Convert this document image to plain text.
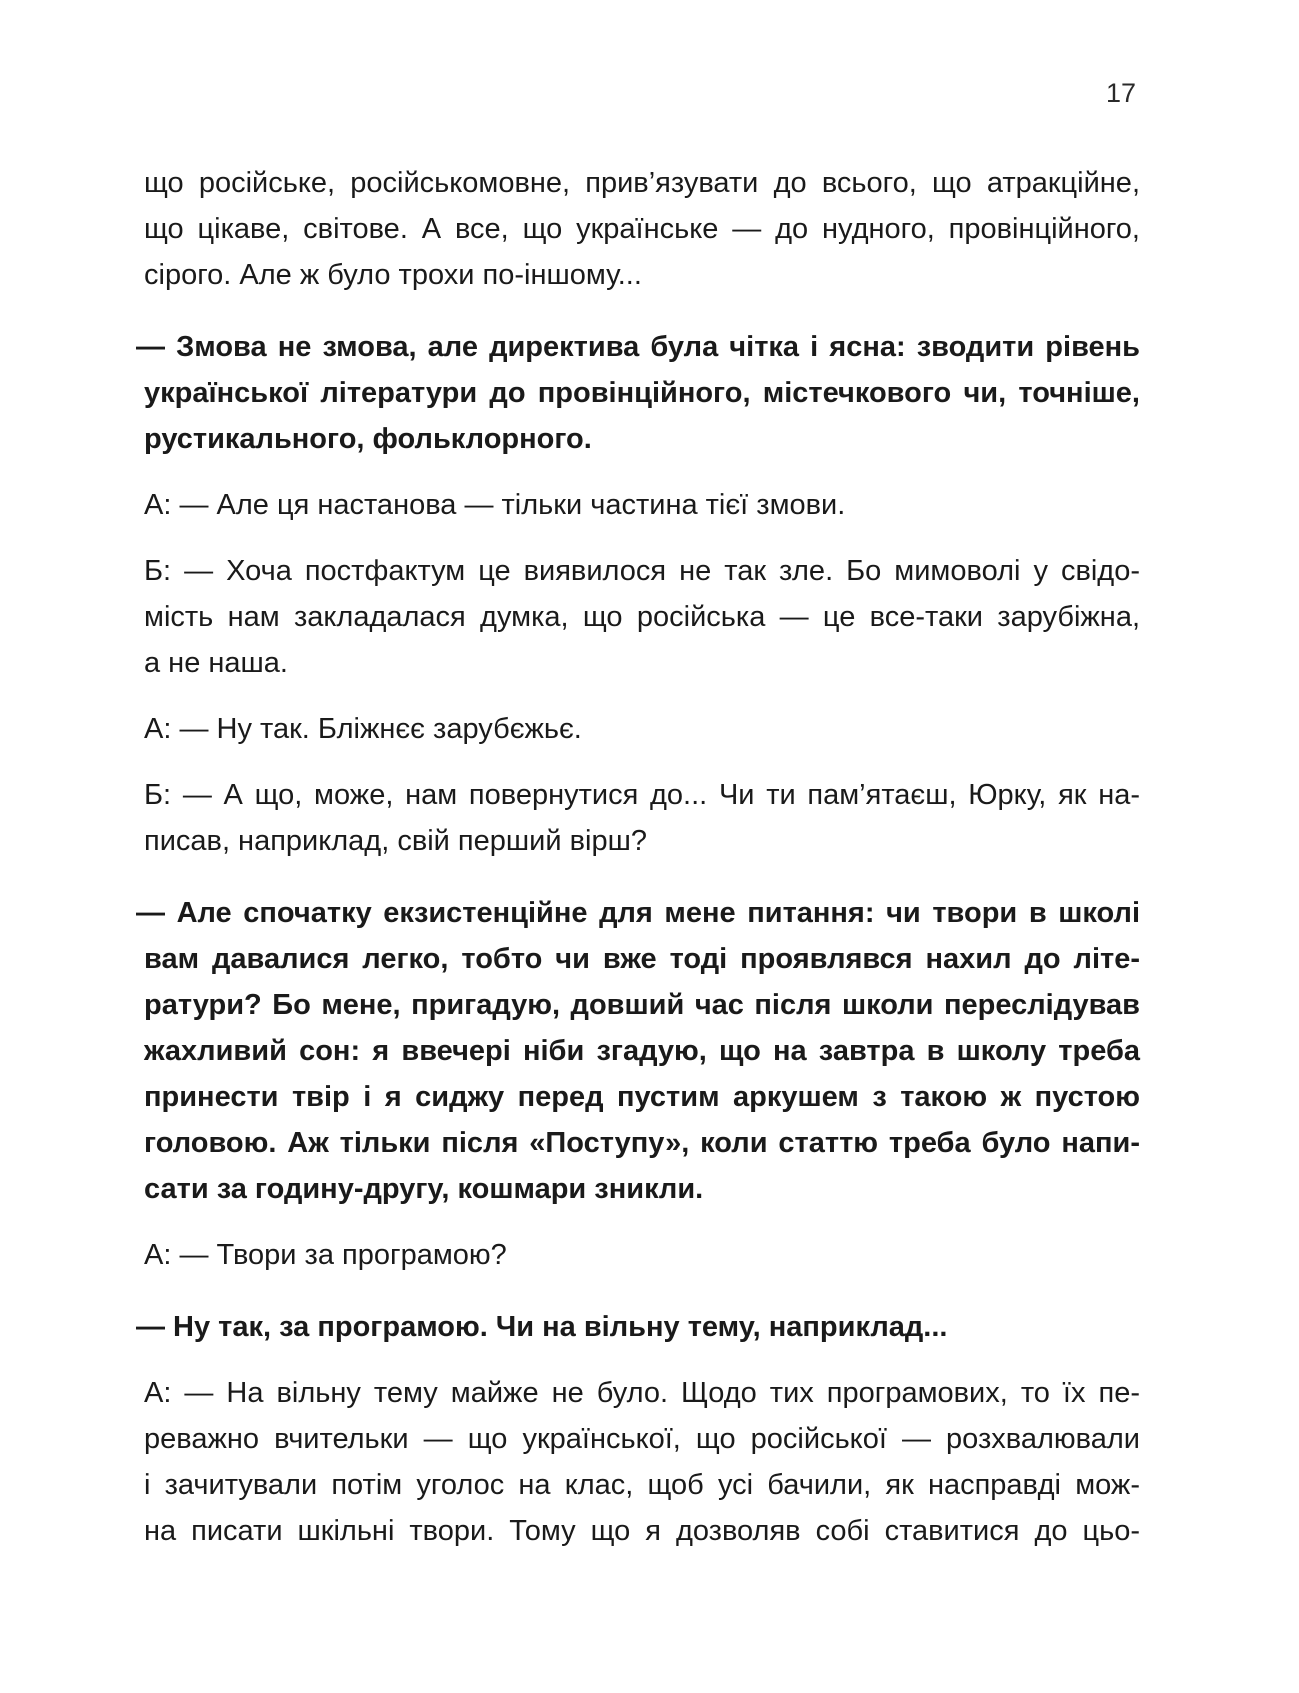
17

що російське, російськомовне, прив’язувати до всього, що атракційне,
що цікаве, світове. А все, що українське — до нудного, провінційного,
сірого. Але ж було трохи по-іншому...

— Змова не змова, але директива була чітка і ясна: зводити рівень
української літератури до провінційного, містечкового чи, точніше,
рустикального, фольклорного.

А: — Але ця настанова — тільки частина тієї змови.

Б: — Хоча постфактум це виявилося не так зле. Бо мимоволі у свідо-
мість нам закладалася думка, що російська — це все-таки зарубіжна,
а не наша.

А: — Ну так. Бліжнєє зарубєжьє.

Б: — А що, може, нам повернутися до... Чи ти пам’ятаєш, Юрку, як на-
писав, наприклад, свій перший вірш?

— Але спочатку екзистенційне для мене питання: чи твори в школі
вам давалися легко, тобто чи вже тоді проявлявся нахил до літе-
ратури? Бо мене, пригадую, довший час після школи переслідував
жахливий сон: я ввечері ніби згадую, що на завтра в школу треба
принести твір і я сиджу перед пустим аркушем з такою ж пустою
головою. Аж тільки після «Поступу», коли статтю треба було напи-
сати за годину-другу, кошмари зникли.

А: — Твори за програмою?

— Ну так, за програмою. Чи на вільну тему, наприклад...

А: — На вільну тему майже не було. Щодо тих програмових, то їх пе-
реважно вчительки — що української, що російської — розхвалювали
і зачитували потім уголос на клас, щоб усі бачили, як насправді мож-
на писати шкільні твори. Тому що я дозволяв собі ставитися до цьо-
